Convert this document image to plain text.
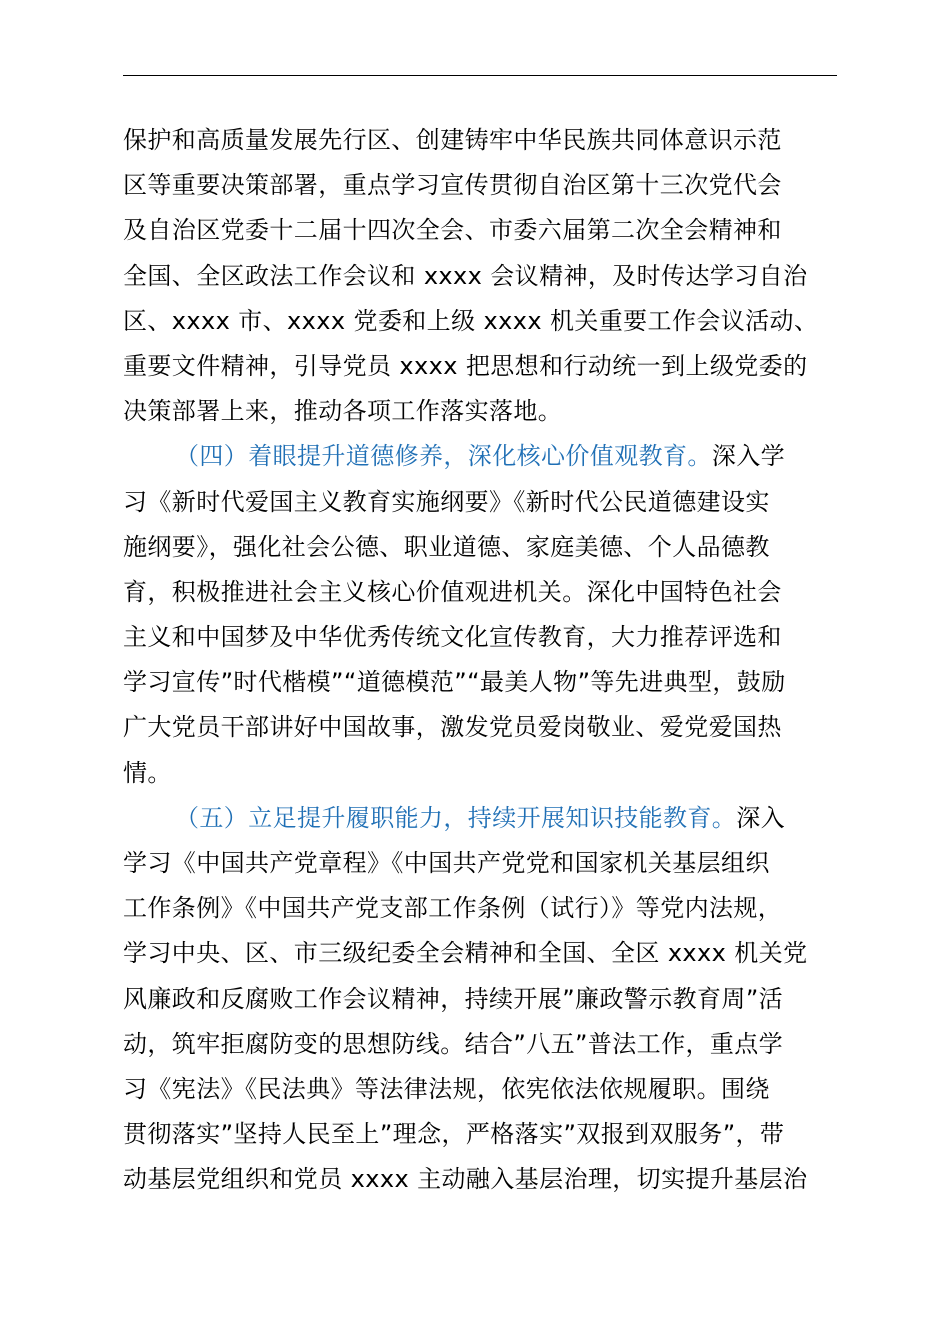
保护和高质量发展先行区、创建铸牢中华民族共同体意识示范
区等重要决策部署，重点学习宣传贯彻自治区第十三次党代会
及自治区党委十二届十四次全会、市委六届第二次全会精神和
全国、全区政法工作会议和 xxxx 会议精神，及时传达学习自治
区、xxxx 市、xxxx 党委和上级 xxxx 机关重要工作会议活动、
重要文件精神，引导党员 xxxx 把思想和行动统一到上级党委的
决策部署上来，推动各项工作落实落地。
（四）着眼提升道德修养，深化核心价值观教育。深入学
习《新时代爱国主义教育实施纲要》《新时代公民道德建设实
施纲要》，强化社会公德、职业道德、家庭美德、个人品德教
育，积极推进社会主义核心价值观进机关。深化中国特色社会
主义和中国梦及中华优秀传统文化宣传教育，大力推荐评选和
学习宣传”时代楷模”“道德模范”“最美人物”等先进典型，鼓励
广大党员干部讲好中国故事，激发党员爱岗敬业、爱党爱国热
情。
（五）立足提升履职能力，持续开展知识技能教育。深入
学习《中国共产党章程》《中国共产党党和国家机关基层组织
工作条例》《中国共产党支部工作条例（试行）》等党内法规，
学习中央、区、市三级纪委全会精神和全国、全区 xxxx 机关党
风廉政和反腐败工作会议精神，持续开展”廉政警示教育周”活
动，筑牢拒腐防变的思想防线。结合”八五”普法工作，重点学
习《宪法》《民法典》等法律法规，依宪依法依规履职。围绕
贯彻落实”坚持人民至上”理念，严格落实”双报到双服务”，带
动基层党组织和党员 xxxx 主动融入基层治理，切实提升基层治
